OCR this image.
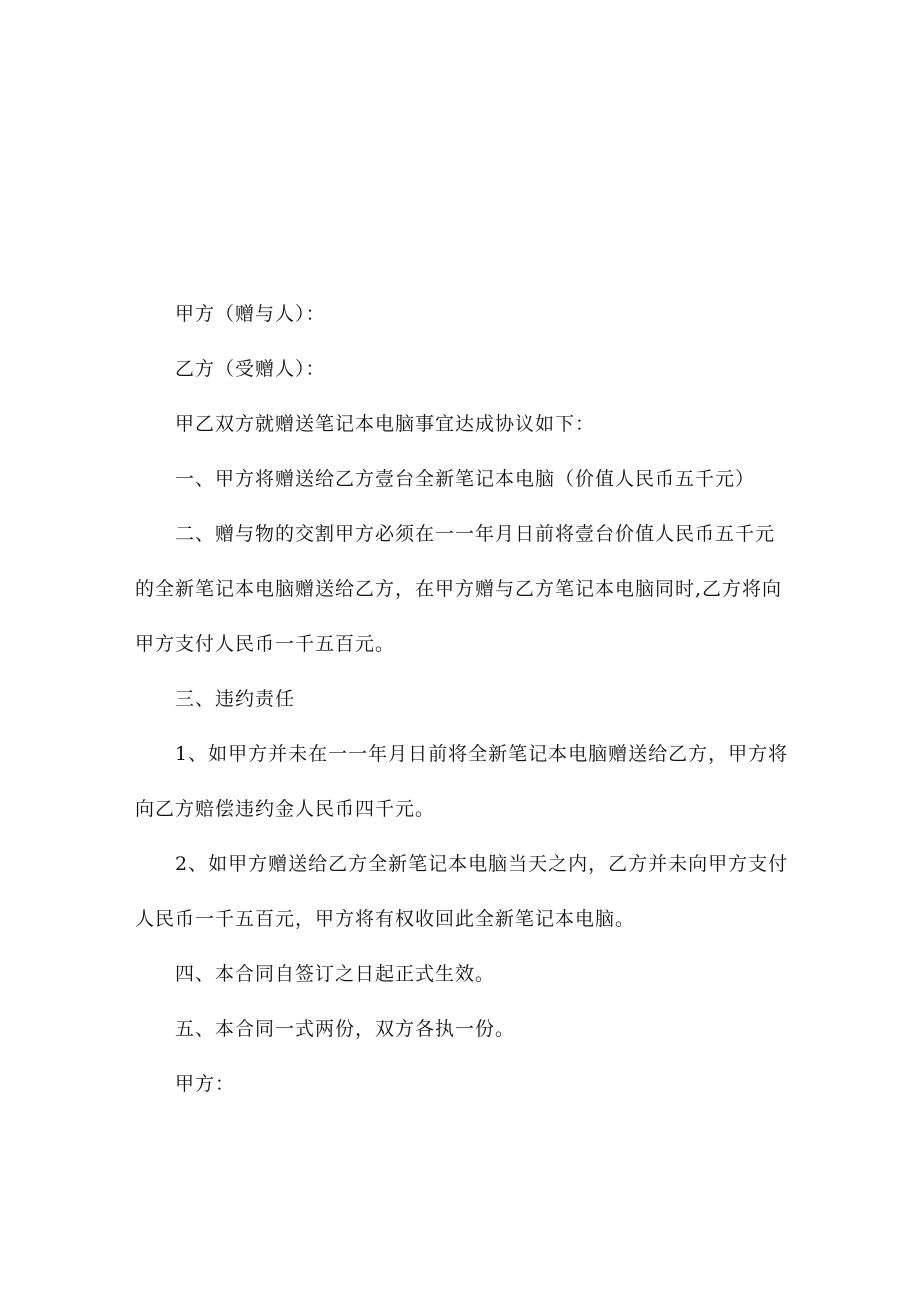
甲方（赠与人）：

乙方（受赠人）：

甲乙双方就赠送笔记本电脑事宜达成协议如下：

一、甲方将赠送给乙方壹台全新笔记本电脑（价值人民币五千元）

二、赠与物的交割甲方必须在一一年月日前将壹台价值人民币五千元

的全新笔记本电脑赠送给乙方，在甲方赠与乙方笔记本电脑同时,乙方将向

甲方支付人民币一千五百元。

三、违约责任

1、如甲方并未在一一年月日前将全新笔记本电脑赠送给乙方，甲方将

向乙方赔偿违约金人民币四千元。

2、如甲方赠送给乙方全新笔记本电脑当天之内，乙方并未向甲方支付

人民币一千五百元，甲方将有权收回此全新笔记本电脑。

四、本合同自签订之日起正式生效。

五、本合同一式两份，双方各执一份。

甲方：
